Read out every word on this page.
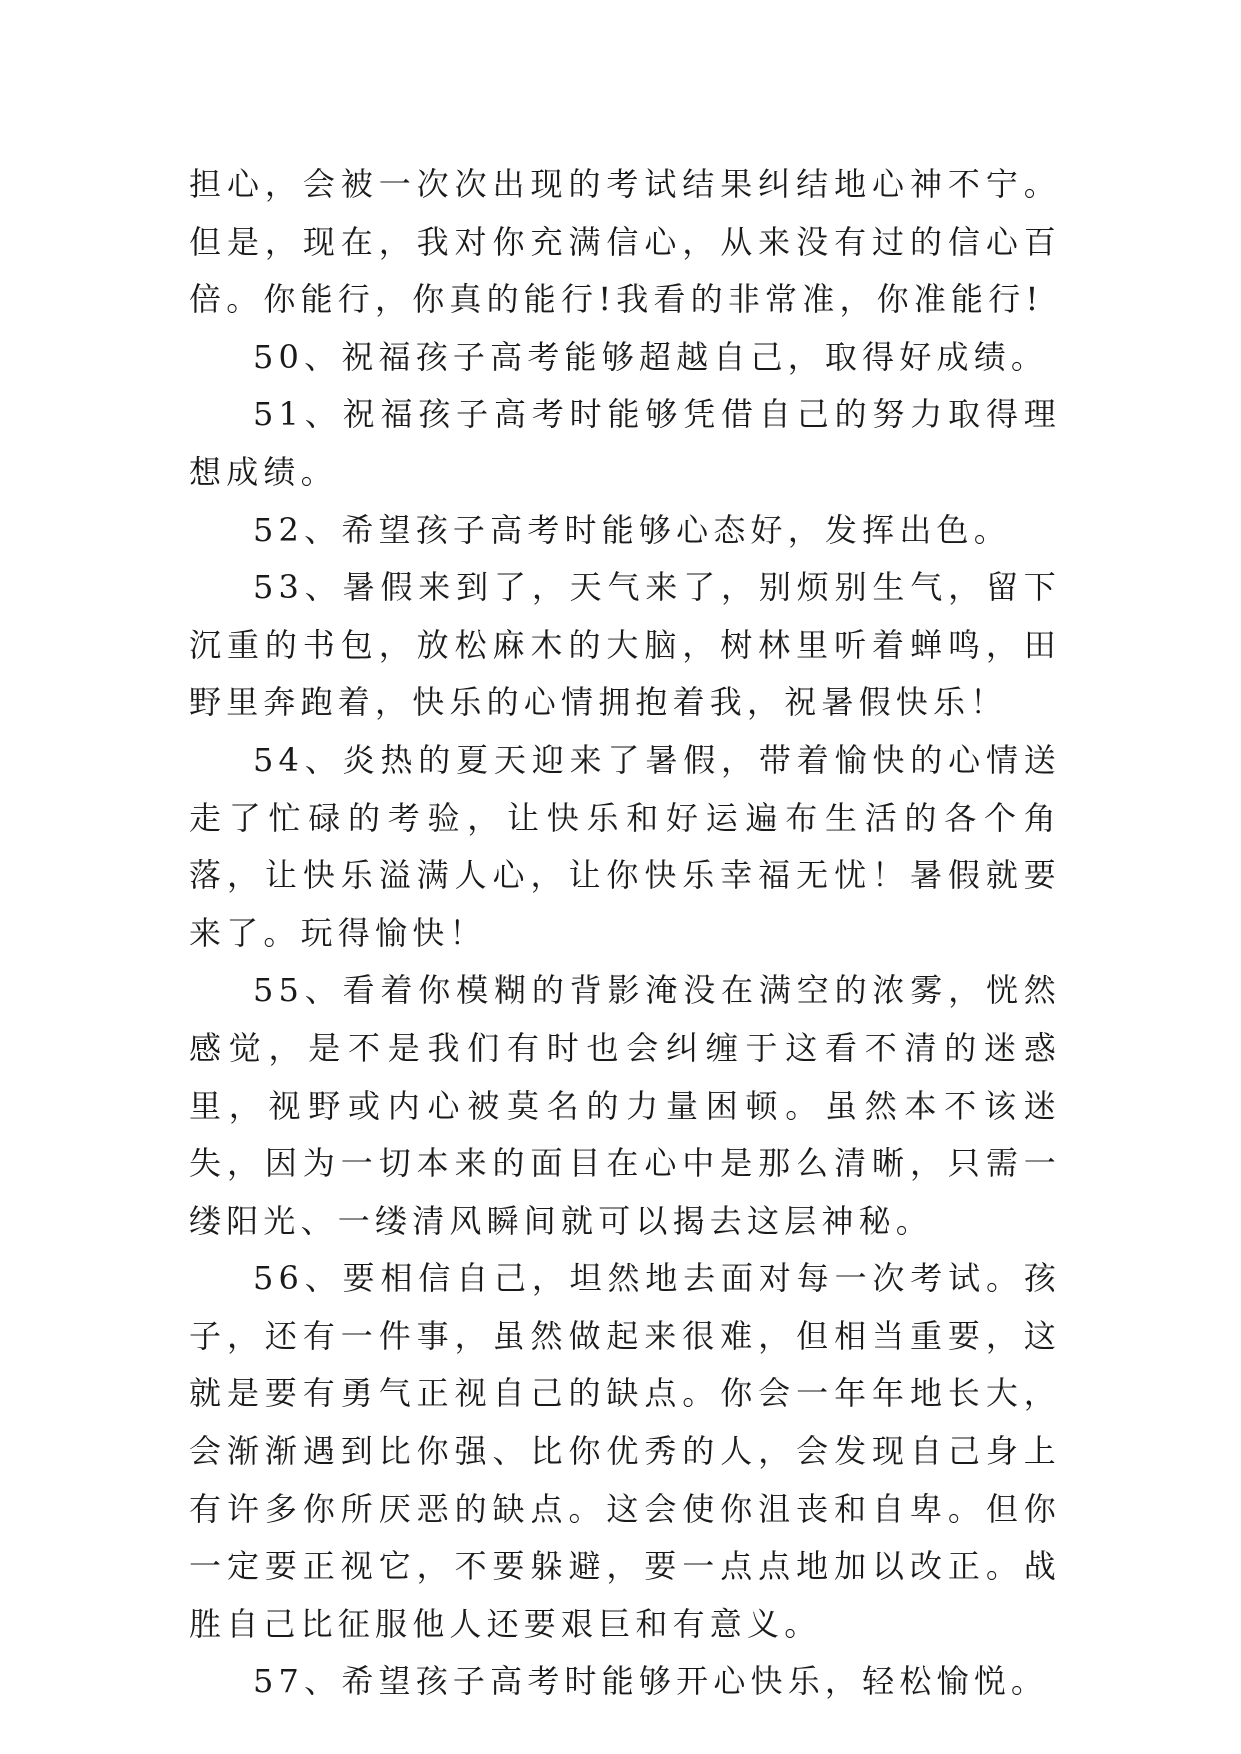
担心，会被一次次出现的考试结果纠结地心神不宁。但是，现在，我对你充满信心，从来没有过的信心百倍。你能行，你真的能行!我看的非常准，你准能行!

50、祝福孩子高考能够超越自己，取得好成绩。

51、祝福孩子高考时能够凭借自己的努力取得理想成绩。

52、希望孩子高考时能够心态好，发挥出色。

53、暑假来到了，天气来了，别烦别生气，留下沉重的书包，放松麻木的大脑，树林里听着蝉鸣，田野里奔跑着，快乐的心情拥抱着我，祝暑假快乐！

54、炎热的夏天迎来了暑假，带着愉快的心情送走了忙碌的考验，让快乐和好运遍布生活的各个角落，让快乐溢满人心，让你快乐幸福无忧！暑假就要来了。玩得愉快！

55、看着你模糊的背影淹没在满空的浓雾，恍然感觉，是不是我们有时也会纠缠于这看不清的迷惑里，视野或内心被莫名的力量困顿。虽然本不该迷失，因为一切本来的面目在心中是那么清晰，只需一缕阳光、一缕清风瞬间就可以揭去这层神秘。

56、要相信自己，坦然地去面对每一次考试。孩子，还有一件事，虽然做起来很难，但相当重要，这就是要有勇气正视自己的缺点。你会一年年地长大，会渐渐遇到比你强、比你优秀的人，会发现自己身上有许多你所厌恶的缺点。这会使你沮丧和自卑。但你一定要正视它，不要躲避，要一点点地加以改正。战胜自己比征服他人还要艰巨和有意义。

57、希望孩子高考时能够开心快乐，轻松愉悦。
